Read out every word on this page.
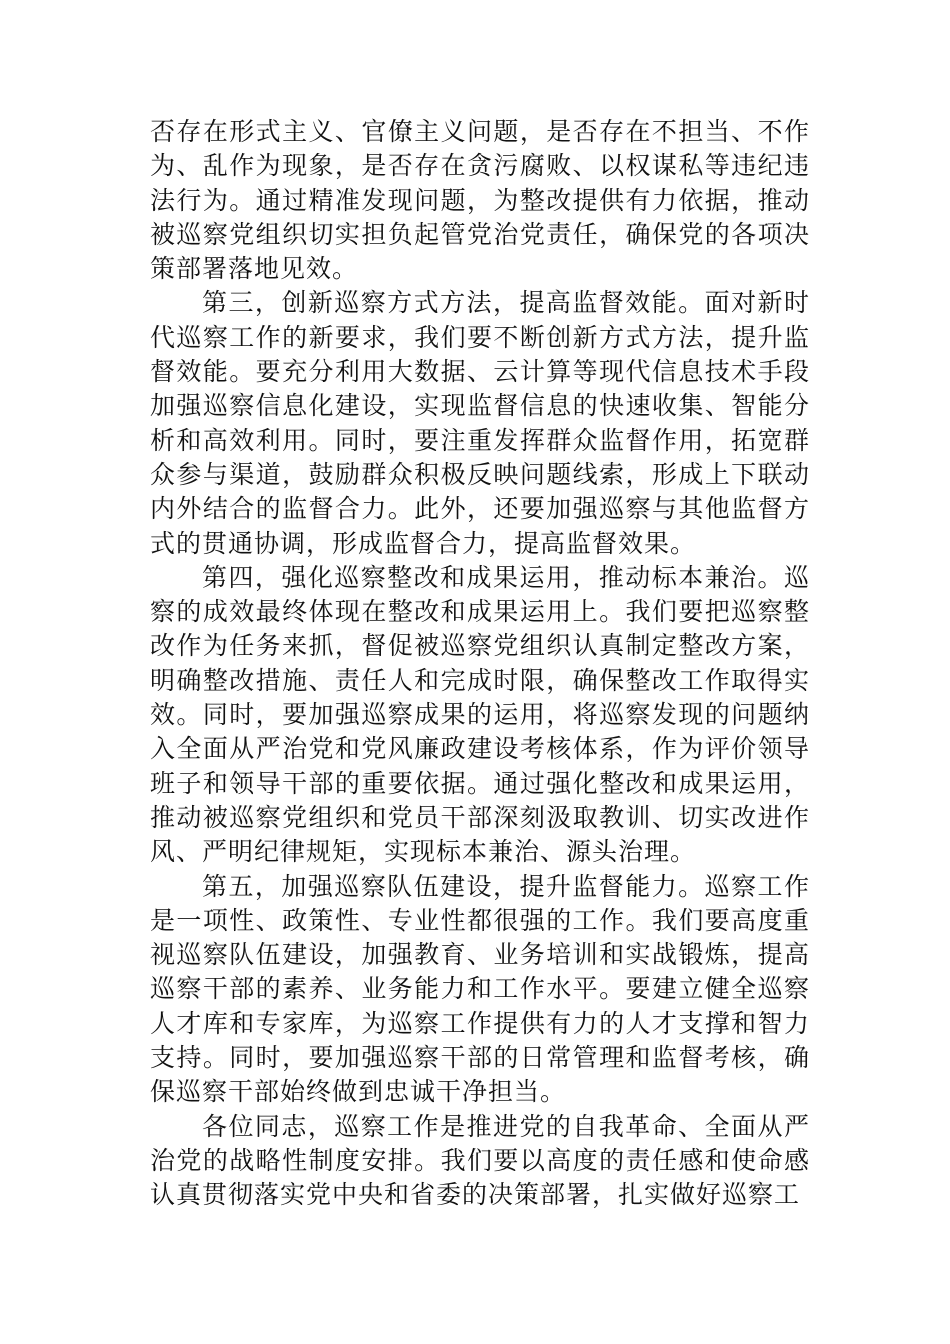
否存在形式主义、官僚主义问题，是否存在不担当、不作为、乱作为现象，是否存在贪污腐败、以权谋私等违纪违法行为。通过精准发现问题，为整改提供有力依据，推动被巡察党组织切实担负起管党治党责任，确保党的各项决策部署落地见效。

第三，创新巡察方式方法，提高监督效能。面对新时代巡察工作的新要求，我们要不断创新方式方法，提升监督效能。要充分利用大数据、云计算等现代信息技术手段加强巡察信息化建设，实现监督信息的快速收集、智能分析和高效利用。同时，要注重发挥群众监督作用，拓宽群众参与渠道，鼓励群众积极反映问题线索，形成上下联动内外结合的监督合力。此外，还要加强巡察与其他监督方式的贯通协调，形成监督合力，提高监督效果。

第四，强化巡察整改和成果运用，推动标本兼治。巡察的成效最终体现在整改和成果运用上。我们要把巡察整改作为任务来抓，督促被巡察党组织认真制定整改方案，明确整改措施、责任人和完成时限，确保整改工作取得实效。同时，要加强巡察成果的运用，将巡察发现的问题纳入全面从严治党和党风廉政建设考核体系，作为评价领导班子和领导干部的重要依据。通过强化整改和成果运用，推动被巡察党组织和党员干部深刻汲取教训、切实改进作风、严明纪律规矩，实现标本兼治、源头治理。

第五，加强巡察队伍建设，提升监督能力。巡察工作是一项性、政策性、专业性都很强的工作。我们要高度重视巡察队伍建设，加强教育、业务培训和实战锻炼，提高巡察干部的素养、业务能力和工作水平。要建立健全巡察人才库和专家库，为巡察工作提供有力的人才支撑和智力支持。同时，要加强巡察干部的日常管理和监督考核，确保巡察干部始终做到忠诚干净担当。

各位同志，巡察工作是推进党的自我革命、全面从严治党的战略性制度安排。我们要以高度的责任感和使命感认真贯彻落实党中央和省委的决策部署，扎实做好巡察工
